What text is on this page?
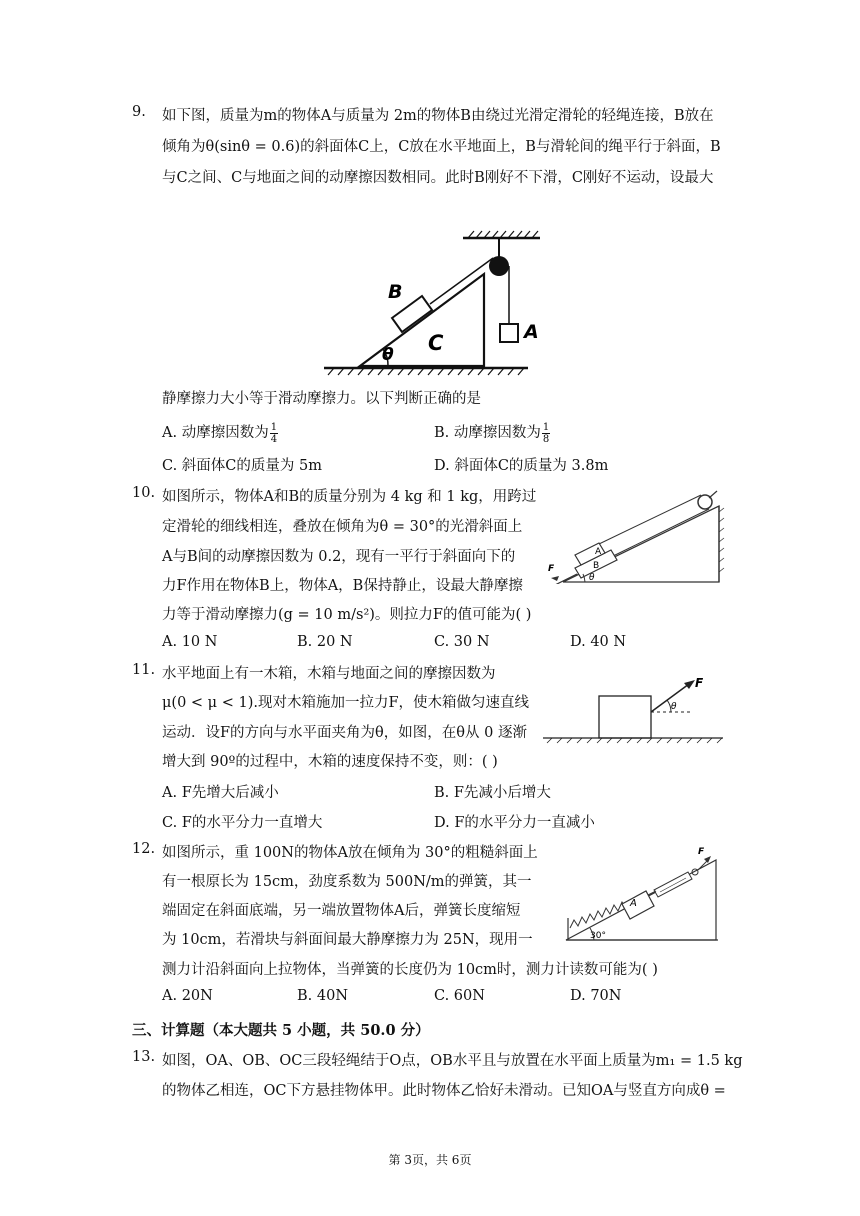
9. 如下图，质量为m的物体A与质量为 2m的物体B由绕过光滑定滑轮的轻绳连接，B放在
倾角为θ(sinθ = 0.6)的斜面体C上，C放在水平地面上，B与滑轮间的绳平行于斜面，B
与C之间、C与地面之间的动摩擦因数相同。此时B刚好不下滑，C刚好不运动，设最大
B
C	A
θ
静摩擦力大小等于滑动摩擦力。以下判断正确的是
A. 动摩擦因数为 $\frac{1}{4}$	B. 动摩擦因数为 $\frac{1}{8}$
C. 斜面体C的质量为 5m	D. 斜面体C的质量为 3.8m
10. 如图所示，物体A和B的质量分别为 4 kg 和 1 kg，用跨过
定滑轮的细线相连，叠放在倾角为θ = 30°的光滑斜面上
A与B间的动摩擦因数为 0.2，现有一平行于斜面向下的
力F作用在物体B上，物体A，B保持静止，设最大静摩擦
力等于滑动摩擦力(g = 10 m/s²)。则拉力F的值可能为( )
A
B
F
θ
A. 10 N	B. 20 N	C. 30 N	D. 40 N
11. 水平地面上有一木箱，木箱与地面之间的摩擦因数为
μ(0 < μ < 1).现对木箱施加一拉力F，使木箱做匀速直线
运动．设F的方向与水平面夹角为θ，如图，在θ从 0 逐渐
增大到 90º的过程中，木箱的速度保持不变，则：( )
F
θ
A. F先增大后减小	B. F先减小后增大
C. F的水平分力一直增大	D. F的水平分力一直减小
12. 如图所示，重 100N的物体A放在倾角为 30°的粗糙斜面上
有一根原长为 15cm，劲度系数为 500N/m的弹簧，其一
端固定在斜面底端，另一端放置物体A后，弹簧长度缩短
为 10cm，若滑块与斜面间最大静摩擦力为 25N，现用一
测力计沿斜面向上拉物体，当弹簧的长度仍为 10cm时，测力计读数可能为( )
A
F
30°
A. 20N	B. 40N	C. 60N	D. 70N
三、计算题（本大题共 5 小题，共 50.0 分）
13. 如图，OA、OB、OC三段轻绳结于O点，OB水平且与放置在水平面上质量为m₁ = 1.5 kg
的物体乙相连，OC下方悬挂物体甲。此时物体乙恰好未滑动。已知OA与竖直方向成θ =
第 3页，共 6页
